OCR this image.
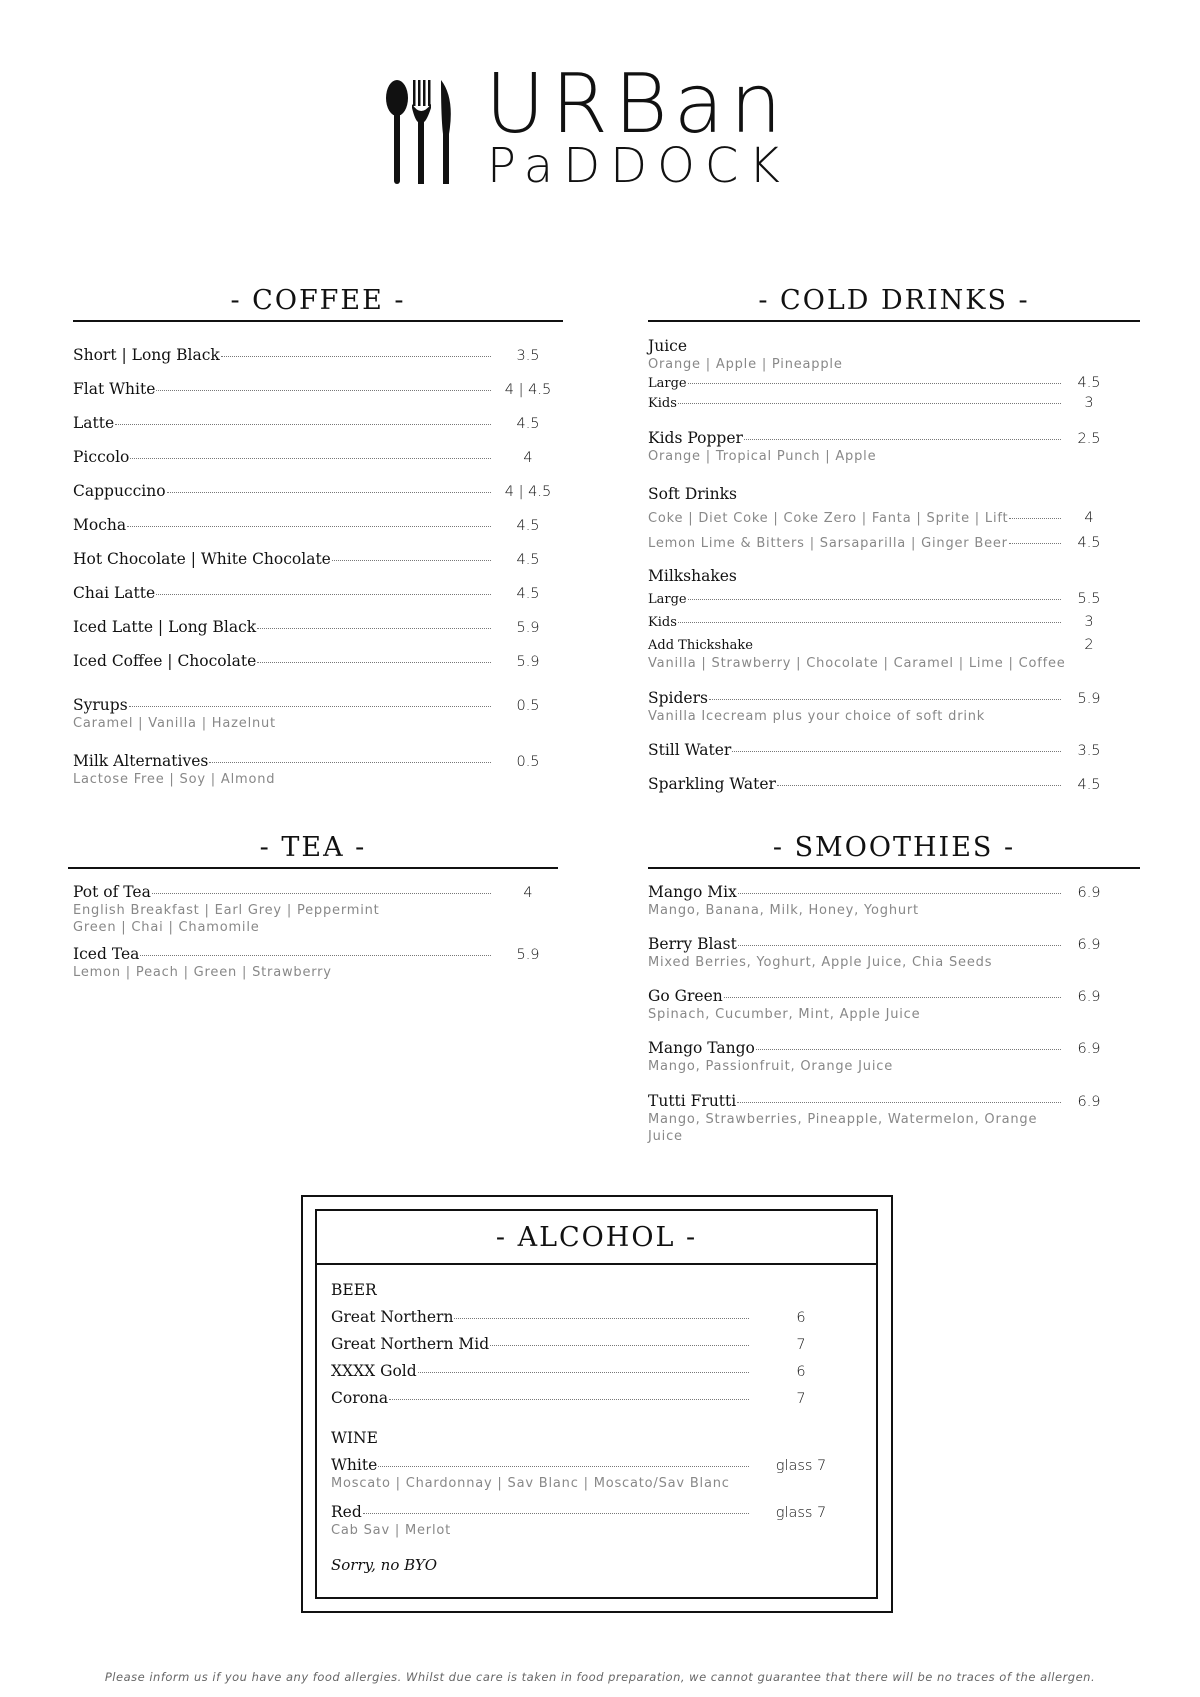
URBan
PaDDOCK
- COFFEE -
Short | Long Black	3.5
Flat White	4 | 4.5
Latte	4.5
Piccolo	4
Cappuccino	4 | 4.5
Mocha	4.5
Hot Chocolate | White Chocolate	4.5
Chai Latte	4.5
Iced Latte | Long Black	5.9
Iced Coffee | Chocolate	5.9
Syrups	0.5
Caramel | Vanilla | Hazelnut
Milk Alternatives	0.5
Lactose Free | Soy | Almond
- TEA -
Pot of Tea	4
English Breakfast | Earl Grey | Peppermint
Green | Chai | Chamomile
Iced Tea	5.9
Lemon | Peach | Green | Strawberry
- COLD DRINKS -
Juice
Orange | Apple | Pineapple
Large	4.5
Kids	3
Kids Popper	2.5
Orange | Tropical Punch | Apple
Soft Drinks
Coke | Diet Coke | Coke Zero | Fanta | Sprite | Lift	4
Lemon Lime & Bitters | Sarsaparilla | Ginger Beer	4.5
Milkshakes
Large	5.5
Kids	3
Add Thickshake	2
Vanilla | Strawberry | Chocolate | Caramel | Lime | Coffee
Spiders	5.9
Vanilla Icecream plus your choice of soft drink
Still Water	3.5
Sparkling Water	4.5
- SMOOTHIES -
Mango Mix	6.9
Mango, Banana, Milk, Honey, Yoghurt
Berry Blast	6.9
Mixed Berries, Yoghurt, Apple Juice, Chia Seeds
Go Green	6.9
Spinach, Cucumber, Mint, Apple Juice
Mango Tango	6.9
Mango, Passionfruit, Orange Juice
Tutti Frutti	6.9
Mango, Strawberries, Pineapple, Watermelon, Orange
Juice
- ALCOHOL -
BEER
Great Northern	6
Great Northern Mid	7
XXXX Gold	6
Corona	7
WINE
White	glass 7
Moscato | Chardonnay | Sav Blanc | Moscato/Sav Blanc
Red	glass 7
Cab Sav | Merlot
Sorry, no BYO
Please inform us if you have any food allergies. Whilst due care is taken in food preparation, we cannot guarantee that there will be no traces of the allergen.
